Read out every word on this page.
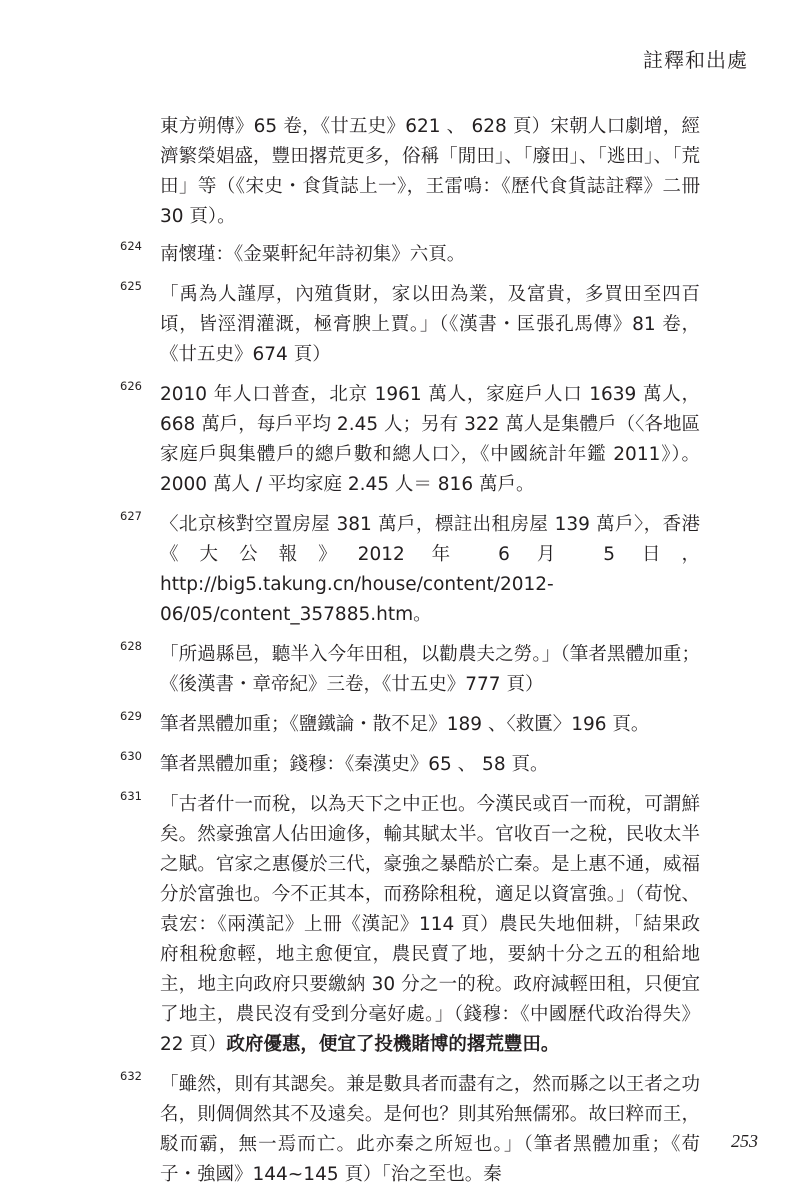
註釋和出處
東方朔傳》65 卷，《廿五史》621 、 628 頁）宋朝人口劇增，經濟繁榮娼盛，豐田撂荒更多，俗稱「閒田」、「廢田」、「逃田」、「荒田」等（《宋史・食貨誌上一》，王雷鳴：《歷代食貨誌註釋》二冊 30 頁）。
624 南懷瑾：《金粟軒紀年詩初集》六頁。
625 「禹為人謹厚，內殖貨財，家以田為業，及富貴，多買田至四百頃，皆涇渭灌溉，極膏腴上賈。」（《漢書・匡張孔馬傳》81 卷，《廿五史》674 頁）
626 2010 年人口普查，北京 1961 萬人，家庭戶人口 1639 萬人，668 萬戶，每戶平均 2.45 人；另有 322 萬人是集體戶（〈各地區家庭戶與集體戶的總戶數和總人口〉，《中國統計年鑑 2011》）。2000 萬人 / 平均家庭 2.45 人＝ 816 萬戶。
627 〈北京核對空置房屋 381 萬戶，標註出租房屋 139 萬戶〉，香港《大公報》2012 年 6 月 5 日，http://big5.takung.cn/house/content/2012-06/05/content_357885.htm。
628 「所過縣邑，聽半入今年田租，以勸農夫之勞。」（筆者黑體加重；《後漢書・章帝紀》三卷，《廿五史》777 頁）
629 筆者黑體加重；《鹽鐵論・散不足》189 、〈救匱〉196 頁。
630 筆者黑體加重；錢穆：《秦漢史》65 、 58 頁。
631 「古者什一而稅，以為天下之中正也。今漢民或百一而稅，可謂鮮矣。然豪強富人佔田逾侈，輸其賦太半。官收百一之稅，民收太半之賦。官家之惠優於三代，豪強之暴酷於亡秦。是上惠不通，威福分於富強也。今不正其本，而務除租稅，適足以資富強。」（荀悅、袁宏：《兩漢記》上冊《漢記》114 頁）農民失地佃耕，「結果政府租稅愈輕，地主愈便宜，農民賣了地，要納十分之五的租給地主，地主向政府只要繳納 30 分之一的稅。政府減輕田租，只便宜了地主，農民沒有受到分毫好處。」（錢穆：《中國歷代政治得失》22 頁）政府優惠，便宜了投機賭博的撂荒豐田。
632 「雖然，則有其諰矣。兼是數具者而盡有之，然而縣之以王者之功名，則倜倜然其不及遠矣。是何也？則其殆無儒邪。故曰粹而王，駁而霸，無一焉而亡。此亦秦之所短也。」（筆者黑體加重；《荀子・強國》144~145 頁）「治之至也。秦
253
